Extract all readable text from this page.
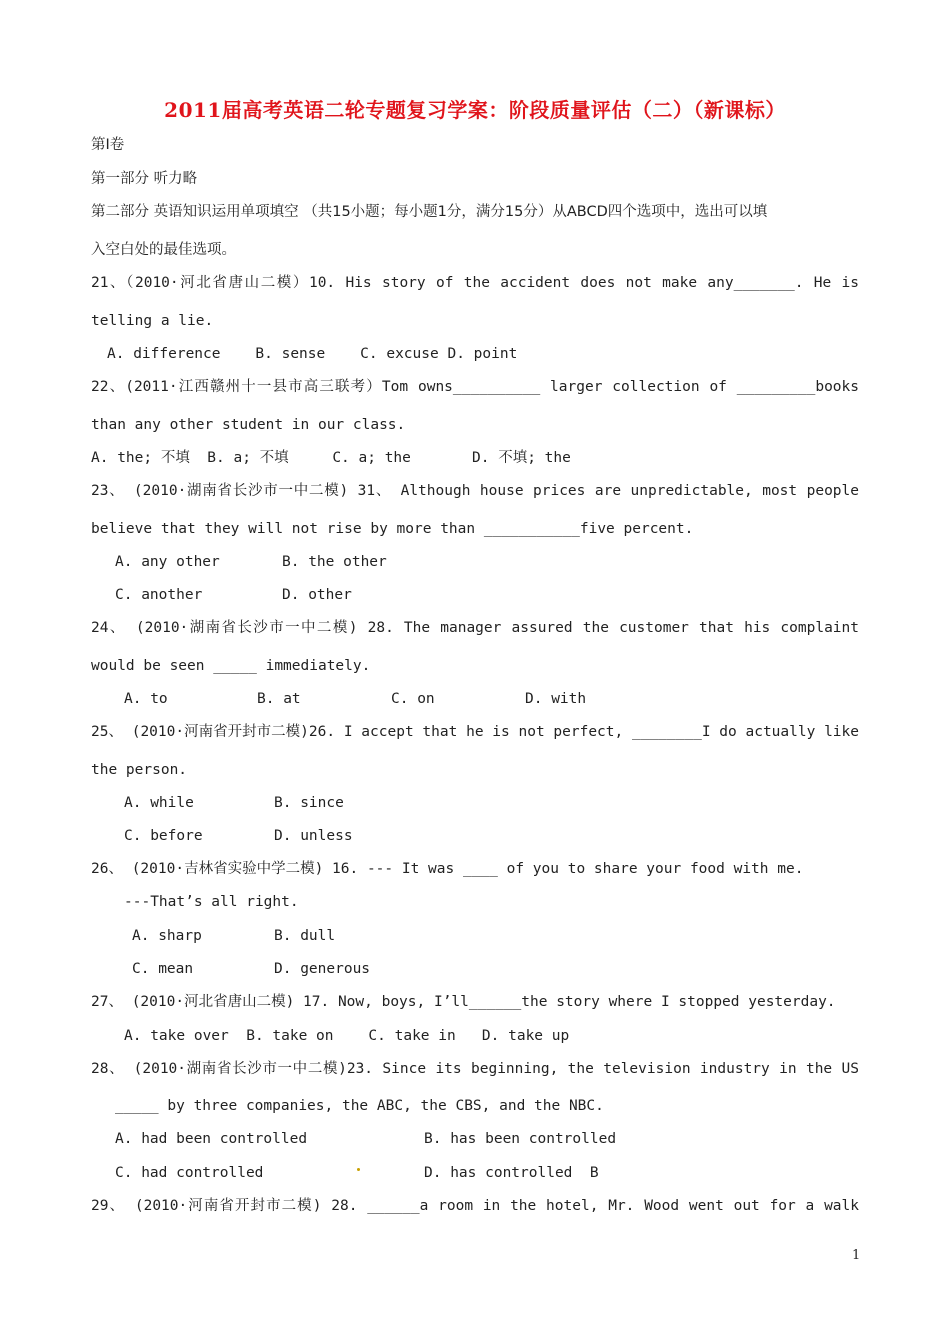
2011届高考英语二轮专题复习学案：阶段质量评估（二）（新课标）
第I卷
第一部分 听力略
第二部分 英语知识运用单项填空 （共15小题；每小题1分，满分15分）从ABCD四个选项中，选出可以填
入空白处的最佳选项。
21、（2010·河北省唐山二模）10. His story of the accident does not make any_______. He is
telling a lie.
A. difference    B. sense    C. excuse D. point
22、(2011·江西赣州十一县市高三联考）Tom owns__________ larger collection of _________books
than any other student in our class.
A. the; 不填  B. a; 不填     C. a; the       D. 不填; the
23、 (2010·湖南省长沙市一中二模) 31、 Although house prices are unpredictable, most people
believe that they will not rise by more than ___________five percent.
A. any other	B. the other
C. another	D. other
24、 (2010·湖南省长沙市一中二模) 28. The manager assured the customer that his complaint
would be seen _____ immediately.
A. to	B. at	C. on	D. with
25、 (2010·河南省开封市二模)26. I accept that he is not perfect, ________I do actually like
the person.
A. while	B. since
C. before	D. unless
26、 (2010·吉林省实验中学二模) 16. --- It was ____ of you to share your food with me.
---That’s all right.
A. sharp	B. dull
C. mean	D. generous
27、 (2010·河北省唐山二模) 17. Now, boys, I’ll______the story where I stopped yesterday.
A. take over  B. take on    C. take in   D. take up
28、 (2010·湖南省长沙市一中二模)23. Since its beginning, the television industry in the US
_____ by three companies, the ABC, the CBS, and the NBC.
A. had been controlled	B. has been controlled
C. had controlled	D. has controlled  B
29、 (2010·河南省开封市二模) 28. ______a room in the hotel, Mr. Wood went out for a walk
1
